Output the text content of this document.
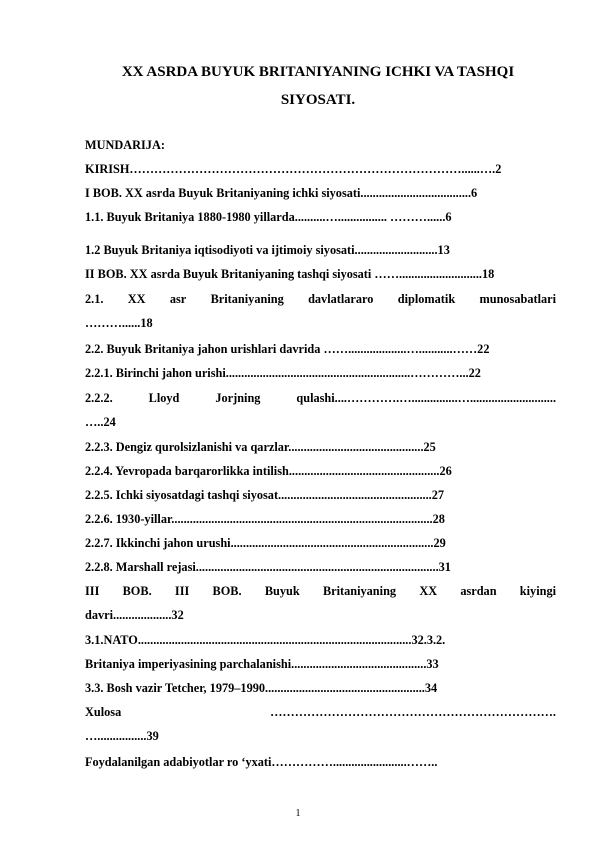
XX ASRDA BUYUK BRITANIYANING ICHKI VA TASHQI
SIYOSATI.
MUNDARIJA:
KIRISH………………………………………………………………………......….2
I BOB. XX asrda Buyuk Britaniyaning ichki siyosati....................................6
1.1. Buyuk Britaniya 1880-1980 yillarda..........…................ ………......6
1.2 Buyuk Britaniya iqtisodiyoti va ijtimoiy siyosati...........................13
II BOB. XX asrda Buyuk Britaniyaning tashqi siyosati ……...........................18
2.1. XX asr Britaniyaning davlatlararo diplomatik munosabatlari
………......18
2.2. Buyuk Britaniya jahon urishlari davrida ……...................…...........……22
2.2.1. Birinchi jahon urishi............................................................…………...22
2.2.2.	Lloyd	Jorjning	qulashi....………….…...............…............................
…..24
2.2.3. Dengiz qurolsizlanishi va qarzlar............................................25
2.2.4. Yevropada barqarorlikka intilish.................................................26
2.2.5. Ichki siyosatdagi tashqi siyosat..................................................27
2.2.6. 1930-yillar.....................................................................................28
2.2.7. Ikkinchi jahon urushi..................................................................29
2.2.8. Marshall rejasi...............................................................................31
III BOB. III BOB. Buyuk Britaniyaning XX asrdan kiyingi
davri...................32
3.1.NATO.........................................................................................32.3.2.
Britaniya imperiyasining parchalanishi............................................33
3.3. Bosh vazir Tetcher, 1979–1990....................................................34
Xulosa	…………………………………………………………….
…................39
Foydalanilgan adabiyotlar ro ‘yxati……………........................……..
1
